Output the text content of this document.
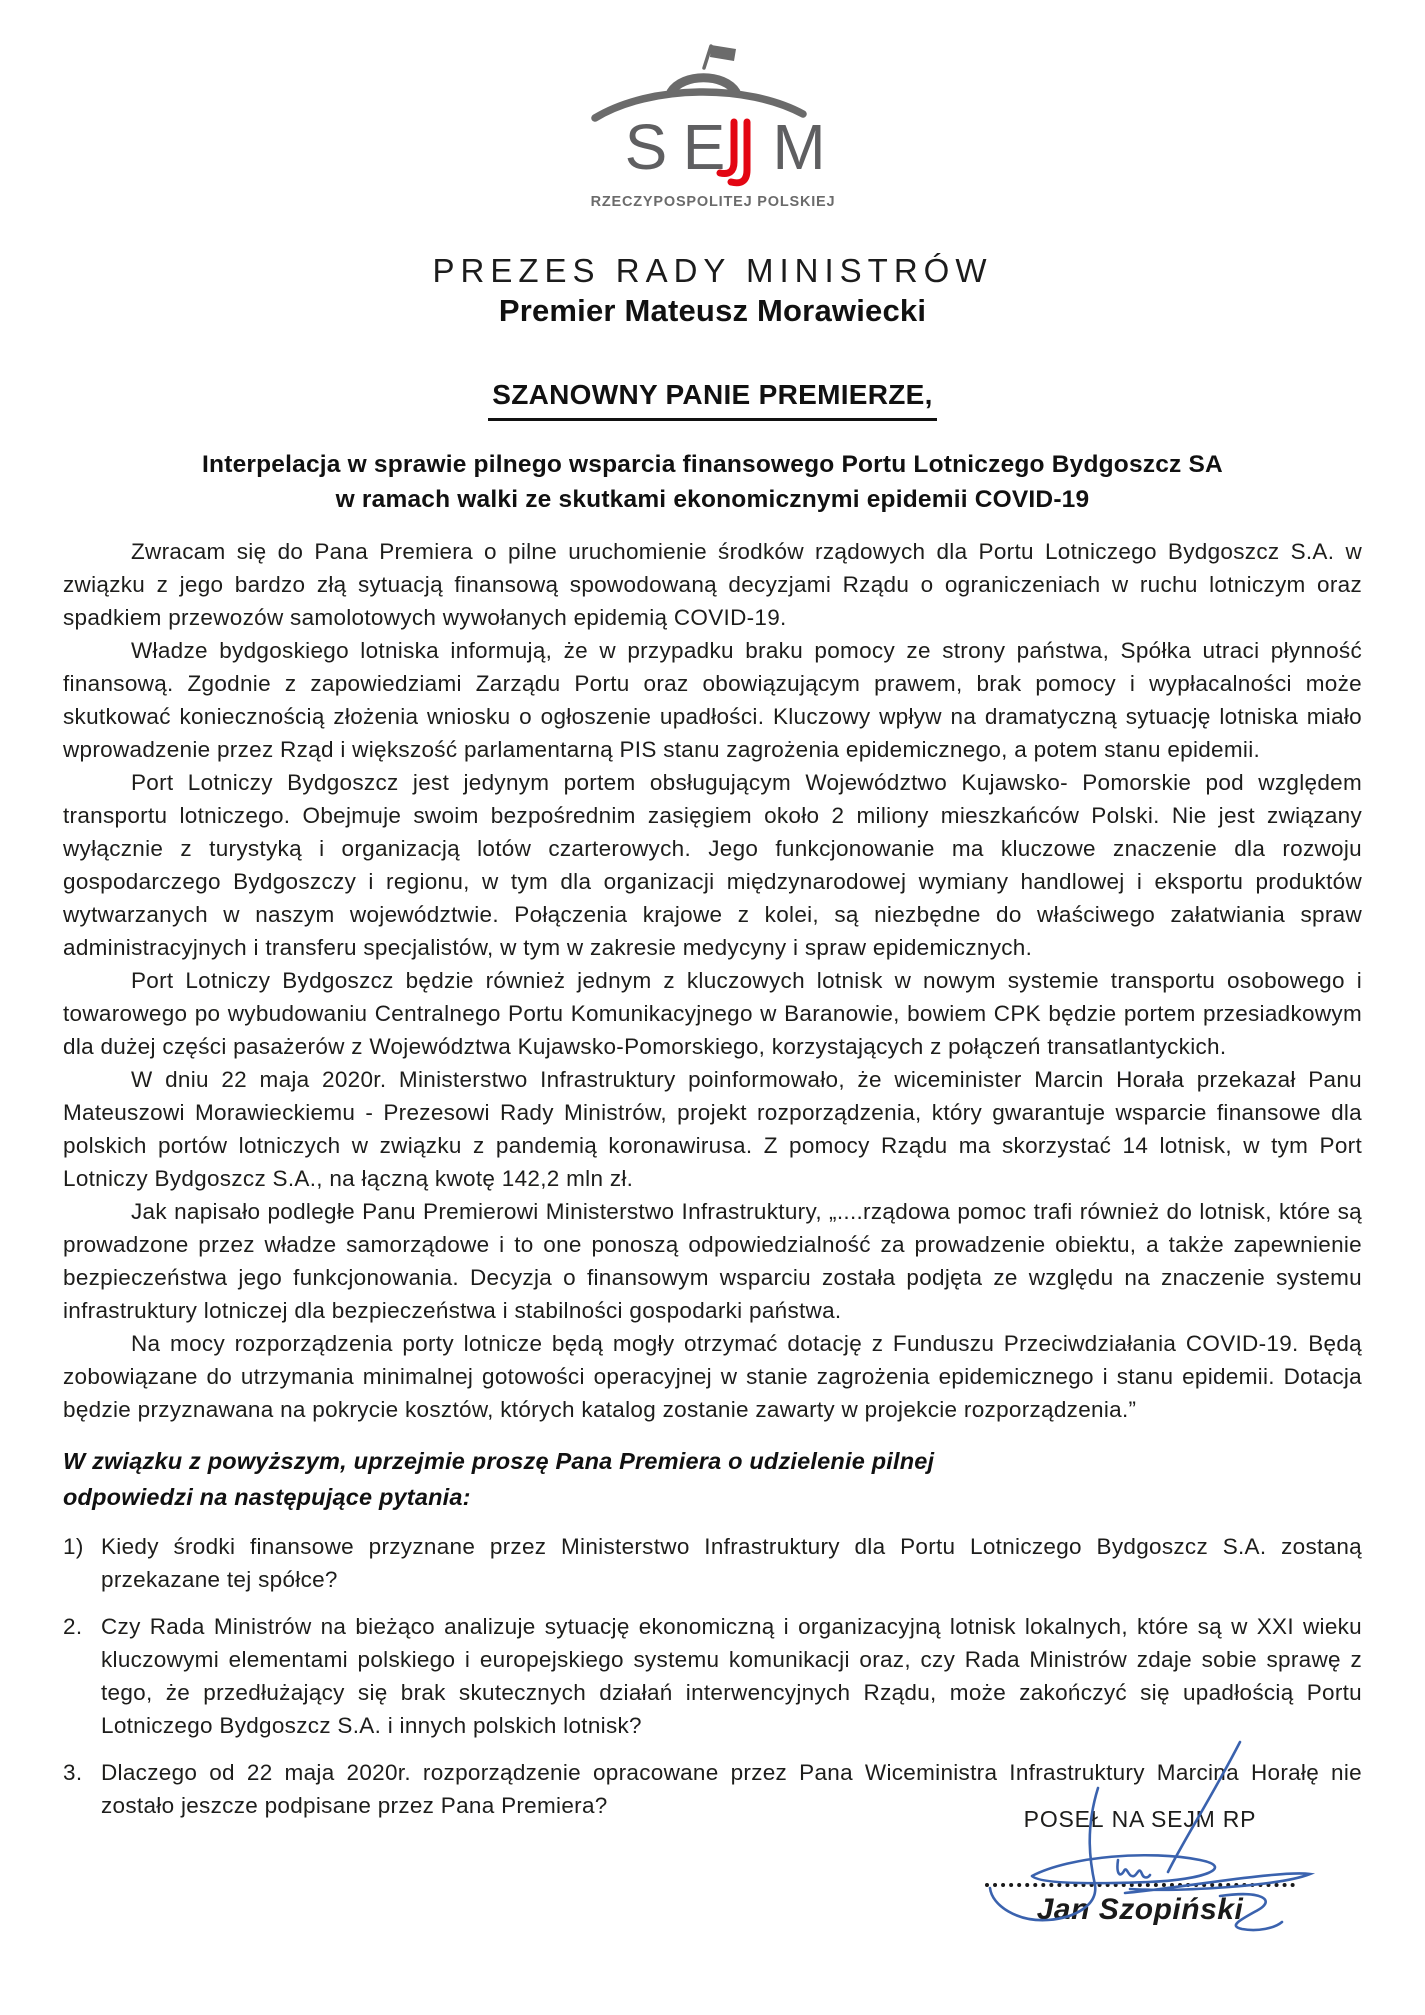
S E M
RZECZYPOSPOLITEJ POLSKIEJ
PREZES RADY MINISTRÓW
Premier Mateusz Morawiecki
SZANOWNY PANIE PREMIERZE,
Interpelacja w sprawie pilnego wsparcia finansowego Portu Lotniczego Bydgoszcz SA
w ramach walki ze skutkami ekonomicznymi epidemii COVID-19
Zwracam się do Pana Premiera o pilne uruchomienie środków rządowych dla Portu Lotniczego Bydgoszcz S.A. w związku z jego bardzo złą sytuacją finansową spowodowaną decyzjami Rządu o ograniczeniach w ruchu lotniczym oraz spadkiem przewozów samolotowych wywołanych epidemią COVID-19.
Władze bydgoskiego lotniska informują, że w przypadku braku pomocy ze strony państwa, Spółka utraci płynność finansową. Zgodnie z zapowiedziami Zarządu Portu oraz obowiązującym prawem, brak pomocy i wypłacalności może skutkować koniecznością złożenia wniosku o ogłoszenie upadłości. Kluczowy wpływ na dramatyczną sytuację lotniska miało wprowadzenie przez Rząd i większość parlamentarną PIS stanu zagrożenia epidemicznego, a potem stanu epidemii.
Port Lotniczy Bydgoszcz jest jedynym portem obsługującym Województwo Kujawsko- Pomorskie pod względem transportu lotniczego. Obejmuje swoim bezpośrednim zasięgiem około 2 miliony mieszkańców Polski. Nie jest związany wyłącznie z turystyką i organizacją lotów czarterowych. Jego funkcjonowanie ma kluczowe znaczenie dla rozwoju gospodarczego Bydgoszczy i regionu, w tym dla organizacji międzynarodowej wymiany handlowej i eksportu produktów wytwarzanych w naszym województwie. Połączenia krajowe z kolei, są niezbędne do właściwego załatwiania spraw administracyjnych i transferu specjalistów, w tym w zakresie medycyny i spraw epidemicznych.
Port Lotniczy Bydgoszcz będzie również jednym z kluczowych lotnisk w nowym systemie transportu osobowego i towarowego po wybudowaniu Centralnego Portu Komunikacyjnego w Baranowie, bowiem CPK będzie portem przesiadkowym dla dużej części pasażerów z Województwa Kujawsko-Pomorskiego, korzystających z połączeń transatlantyckich.
W dniu 22 maja 2020r. Ministerstwo Infrastruktury poinformowało, że wiceminister Marcin Horała przekazał Panu Mateuszowi Morawieckiemu - Prezesowi Rady Ministrów, projekt rozporządzenia, który gwarantuje wsparcie finansowe dla polskich portów lotniczych w związku z pandemią koronawirusa. Z pomocy Rządu ma skorzystać 14 lotnisk, w tym Port Lotniczy Bydgoszcz S.A., na łączną kwotę 142,2 mln zł.
Jak napisało podległe Panu Premierowi Ministerstwo Infrastruktury, „....rządowa pomoc trafi również do lotnisk, które są prowadzone przez władze samorządowe i to one ponoszą odpowiedzialność za prowadzenie obiektu, a także zapewnienie bezpieczeństwa jego funkcjonowania. Decyzja o finansowym wsparciu została podjęta ze względu na znaczenie systemu infrastruktury lotniczej dla bezpieczeństwa i stabilności gospodarki państwa.
Na mocy rozporządzenia porty lotnicze będą mogły otrzymać dotację z Funduszu Przeciwdziałania COVID-19. Będą zobowiązane do utrzymania minimalnej gotowości operacyjnej w stanie zagrożenia epidemicznego i stanu epidemii. Dotacja będzie przyznawana na pokrycie kosztów, których katalog zostanie zawarty w projekcie rozporządzenia.”
W związku z powyższym, uprzejmie proszę Pana Premiera o udzielenie pilnej
odpowiedzi na następujące pytania:
1) Kiedy środki finansowe przyznane przez Ministerstwo Infrastruktury dla Portu Lotniczego Bydgoszcz S.A. zostaną przekazane tej spółce?
2. Czy Rada Ministrów na bieżąco analizuje sytuację ekonomiczną i organizacyjną lotnisk lokalnych, które są w XXI wieku kluczowymi elementami polskiego i europejskiego systemu komunikacji oraz, czy Rada Ministrów zdaje sobie sprawę z tego, że przedłużający się brak skutecznych działań interwencyjnych Rządu, może zakończyć się upadłością Portu Lotniczego Bydgoszcz S.A. i innych polskich lotnisk?
3. Dlaczego od 22 maja 2020r. rozporządzenie opracowane przez Pana Wiceministra Infrastruktury Marcina Horałę nie zostało jeszcze podpisane przez Pana Premiera?
POSEŁ NA SEJM RP
Jan Szopiński
